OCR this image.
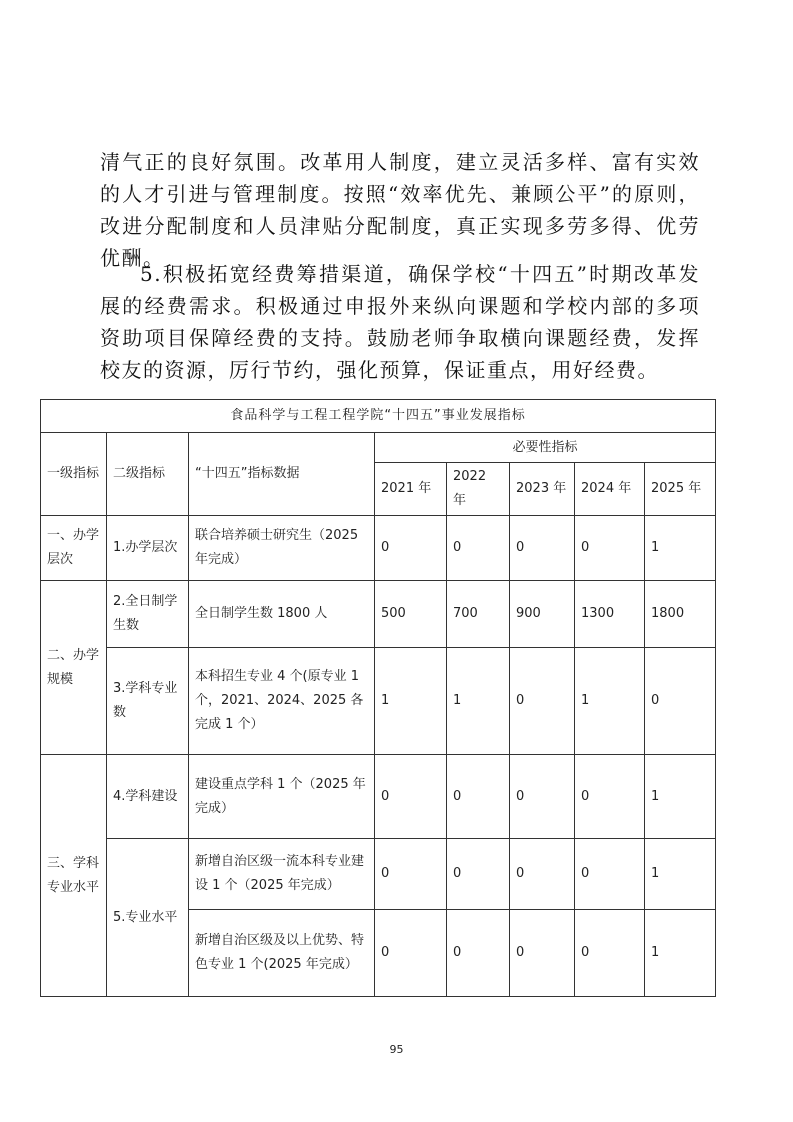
清气正的良好氛围。改革用人制度，建立灵活多样、富有实效的人才引进与管理制度。按照“效率优先、兼顾公平”的原则，改进分配制度和人员津贴分配制度，真正实现多劳多得、优劳优酬。

5.积极拓宽经费筹措渠道，确保学校“十四五”时期改革发展的经费需求。积极通过申报外来纵向课题和学校内部的多项资助项目保障经费的支持。鼓励老师争取横向课题经费，发挥校友的资源，厉行节约，强化预算，保证重点，用好经费。

食品科学与工程工程学院“十四五”事业发展指标							
一级指标	二级指标	“十四五”指标数据	必要性指标				
			2021 年	2022 年	2023 年	2024 年	2025 年
一、办学层次	1.办学层次	联合培养硕士研究生（2025年完成）	0	0	0	0	1
二、办学规模	2.全日制学生数	全日制学生数 1800 人	500	700	900	1300	1800
	3.学科专业数	本科招生专业 4 个(原专业 1 个，2021、2024、2025 各完成 1 个）	1	1	0	1	0
三、学科专业水平	4.学科建设	建设重点学科 1 个（2025 年完成）	0	0	0	0	1
	5.专业水平	新增自治区级一流本科专业建设 1 个（2025 年完成）	0	0	0	0	1
		新增自治区级及以上优势、特色专业 1 个(2025 年完成）	0	0	0	0	1
95
